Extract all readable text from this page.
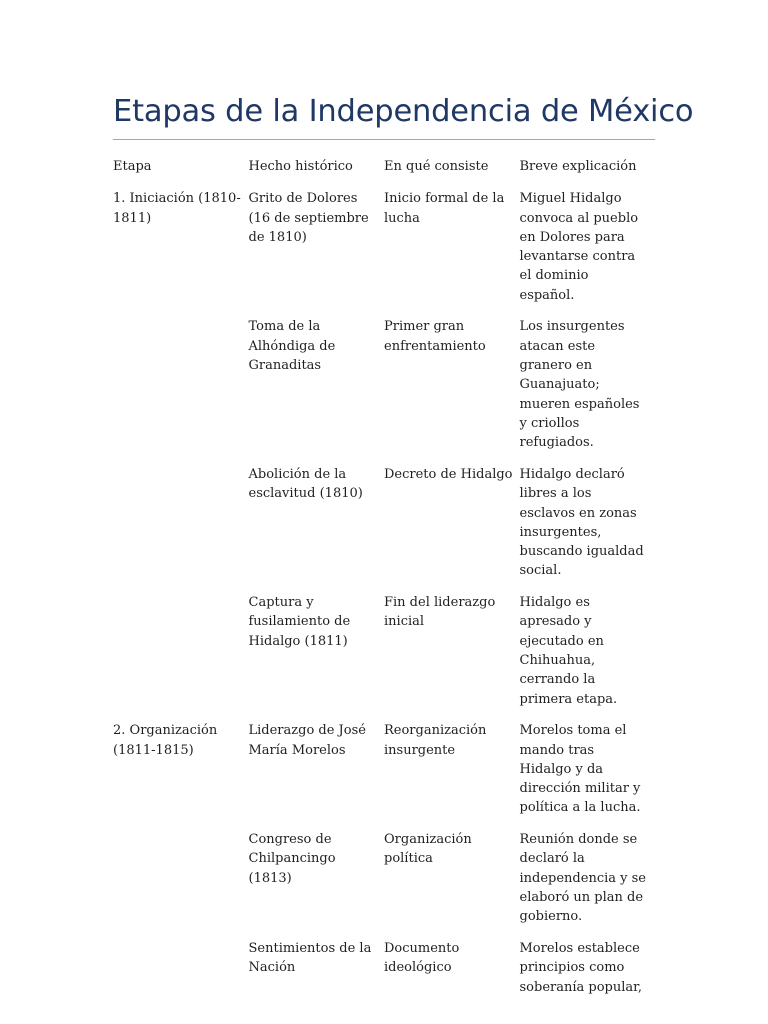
Etapas de la Independencia de México
Etapa	Hecho histórico	En qué consiste	Breve explicación

1. Iniciación (1810-1811)	Grito de Dolores (16 de septiembre de 1810)	Inicio formal de la lucha	Miguel Hidalgo convoca al pueblo en Dolores para levantarse contra el dominio español.

	Toma de la Alhóndiga de Granaditas	Primer gran enfrentamiento	Los insurgentes atacan este granero en Guanajuato; mueren españoles y criollos refugiados.

	Abolición de la esclavitud (1810)	Decreto de Hidalgo	Hidalgo declaró libres a los esclavos en zonas insurgentes, buscando igualdad social.

	Captura y fusilamiento de Hidalgo (1811)	Fin del liderazgo inicial	Hidalgo es apresado y ejecutado en Chihuahua, cerrando la primera etapa.

2. Organización (1811-1815)	Liderazgo de José María Morelos	Reorganización insurgente	Morelos toma el mando tras Hidalgo y da dirección militar y política a la lucha.

	Congreso de Chilpancingo (1813)	Organización política	Reunión donde se declaró la independencia y se elaboró un plan de gobierno.

	Sentimientos de la Nación	Documento ideológico	Morelos establece principios como soberanía popular,
